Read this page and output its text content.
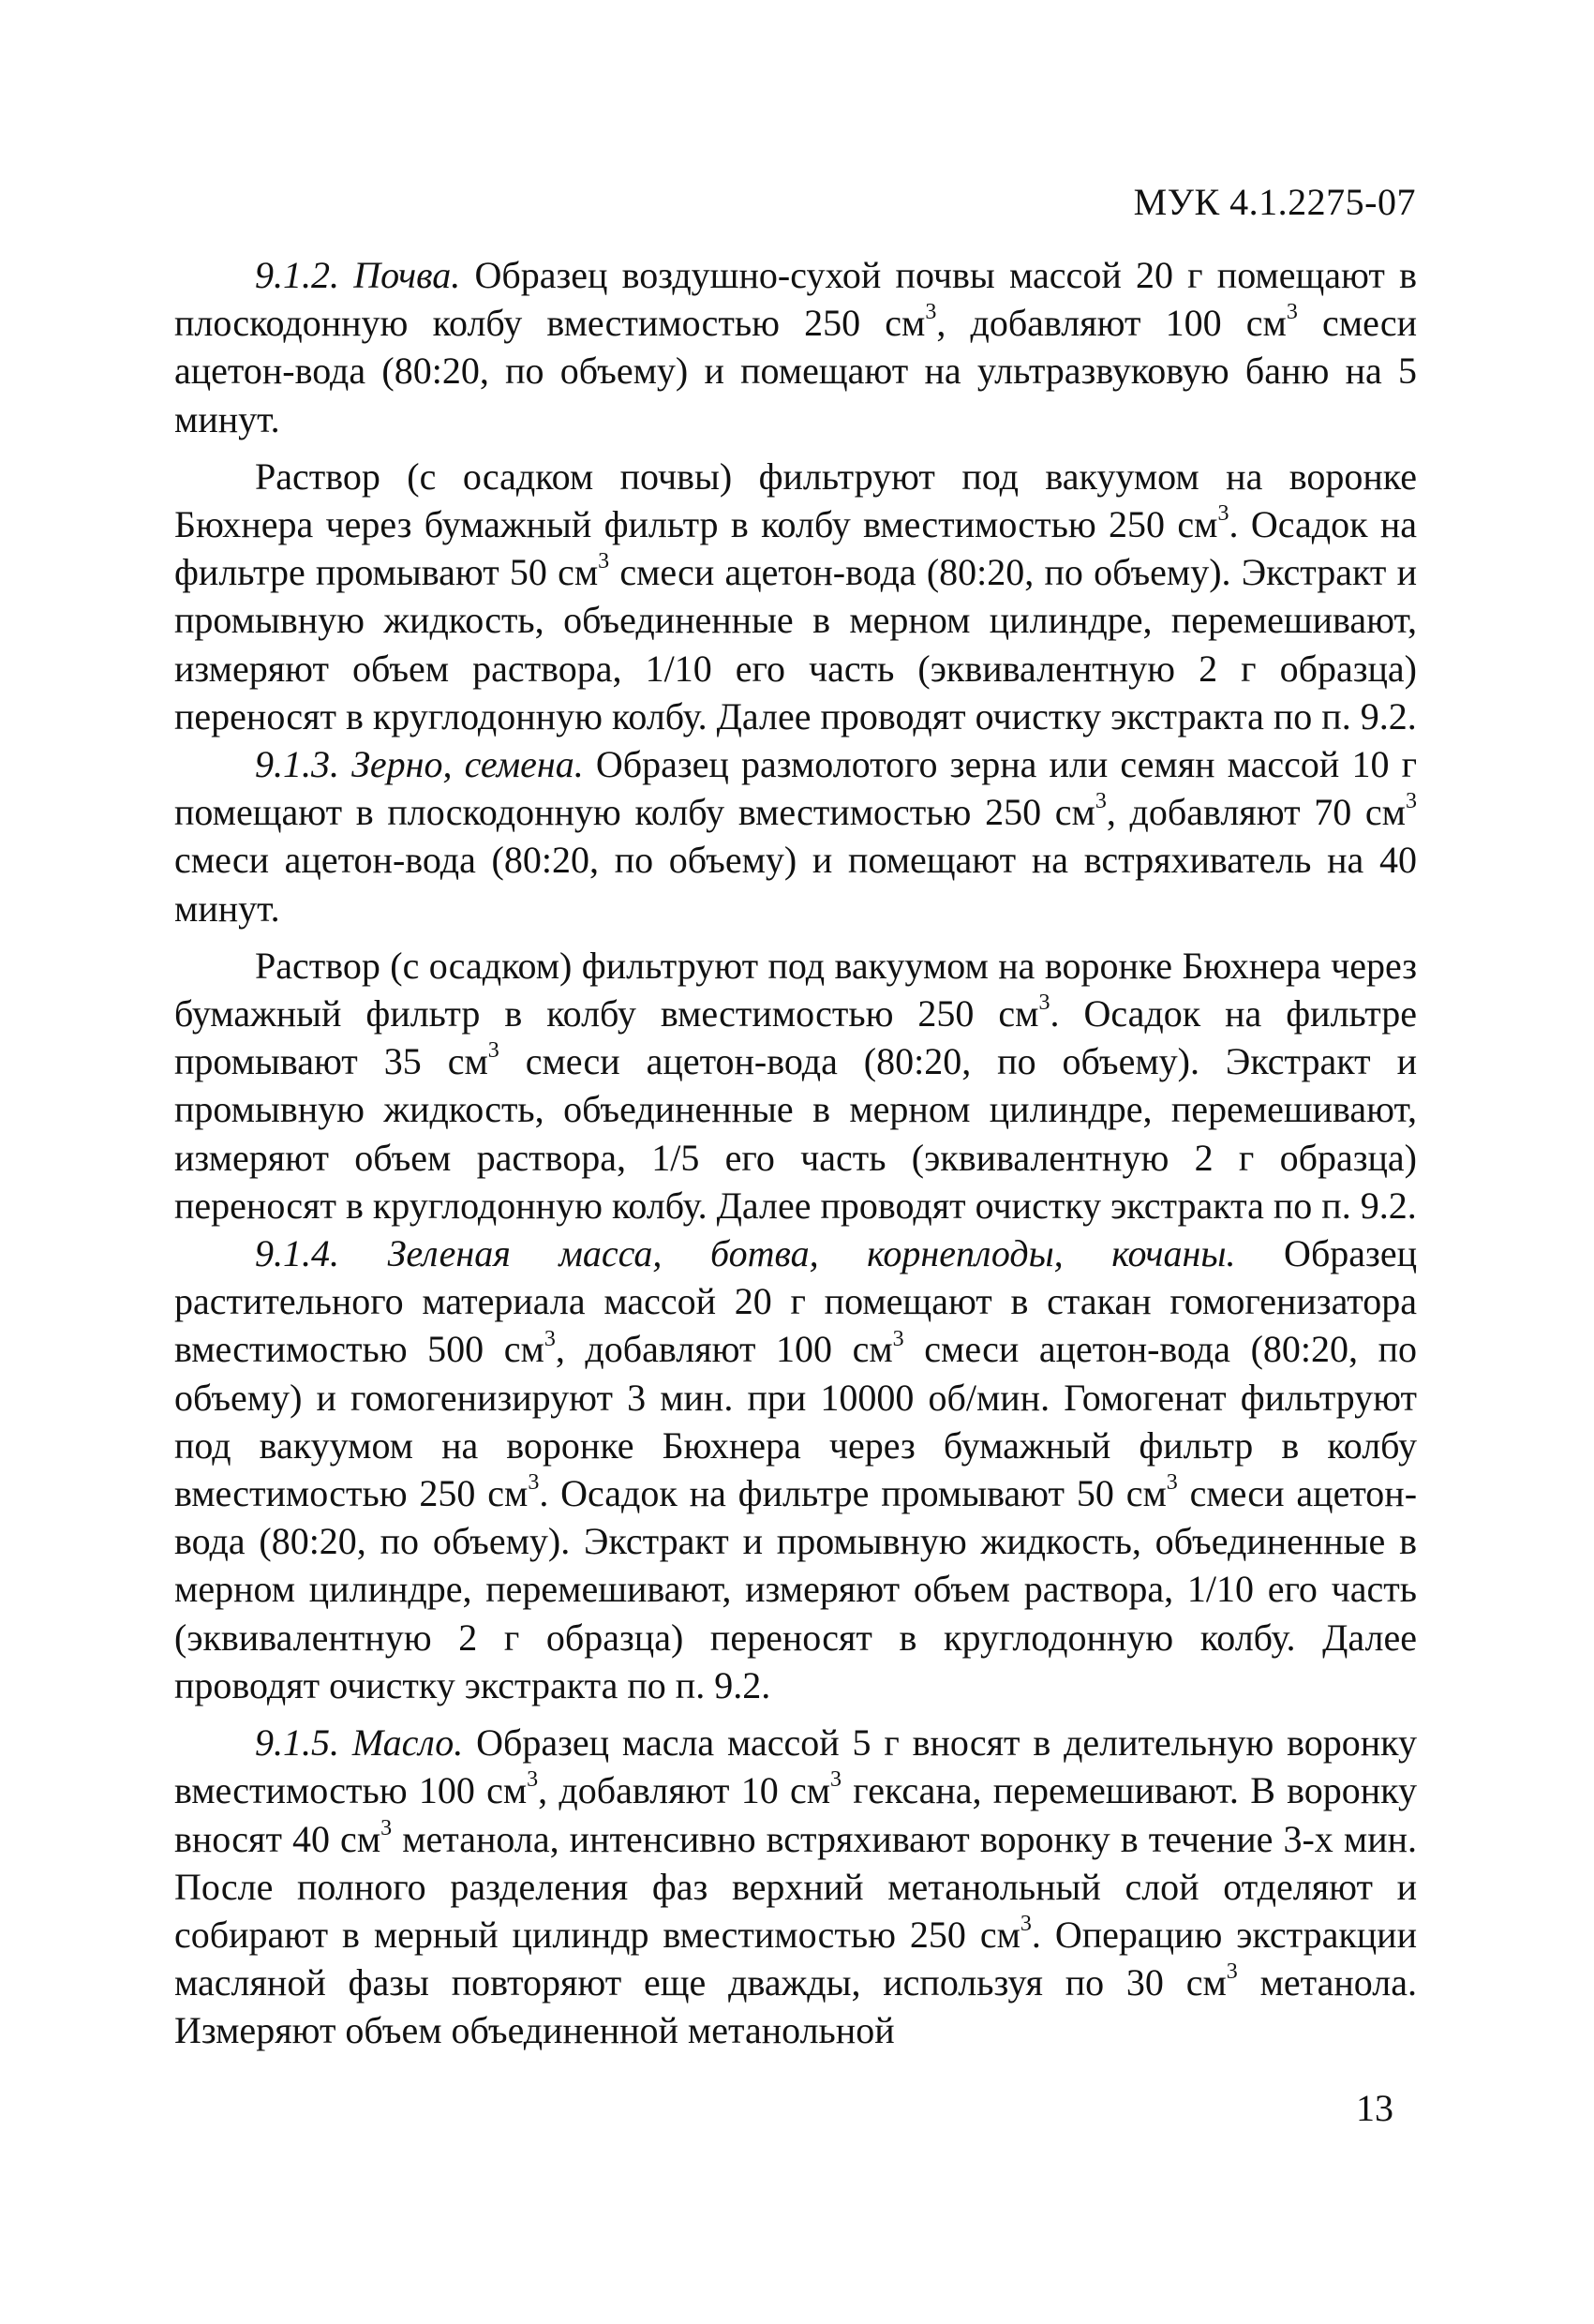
МУК 4.1.2275-07

9.1.2. Почва. Образец воздушно-сухой почвы массой 20 г помещают в плоскодонную колбу вместимостью 250 $см^3$, добавляют 100 $см^3$ смеси ацетон-вода (80:20, по объему) и помещают на ультразвуковую баню на 5 минут.

Раствор (с осадком почвы) фильтруют под вакуумом на воронке Бюхнера через бумажный фильтр в колбу вместимостью 250 $см^3$. Осадок на фильтре промывают 50 $см^3$ смеси ацетон-вода (80:20, по объему). Экстракт и промывную жидкость, объединенные в мерном цилиндре, перемешивают, измеряют объем раствора, 1/10 его часть (эквивалентную 2 г образца) переносят в круглодонную колбу. Далее проводят очистку экстракта по п. 9.2.

9.1.3. Зерно, семена. Образец размолотого зерна или семян массой 10 г помещают в плоскодонную колбу вместимостью 250 $см^3$, добавляют 70 $см^3$ смеси ацетон-вода (80:20, по объему) и помещают на встряхиватель на 40 минут.

Раствор (с осадком) фильтруют под вакуумом на воронке Бюхнера через бумажный фильтр в колбу вместимостью 250 $см^3$. Осадок на фильтре промывают 35 $см^3$ смеси ацетон-вода (80:20, по объему). Экстракт и промывную жидкость, объединенные в мерном цилиндре, перемешивают, измеряют объем раствора, 1/5 его часть (эквивалентную 2 г образца) переносят в круглодонную колбу. Далее проводят очистку экстракта по п. 9.2.

9.1.4. Зеленая масса, ботва, корнеплоды, кочаны. Образец растительного материала массой 20 г помещают в стакан гомогенизатора вместимостью 500 $см^3$, добавляют 100 $см^3$ смеси ацетон-вода (80:20, по объему) и гомогенизируют 3 мин. при 10000 об/мин. Гомогенат фильтруют под вакуумом на воронке Бюхнера через бумажный фильтр в колбу вместимостью 250 $см^3$. Осадок на фильтре промывают 50 $см^3$ смеси ацетон-вода (80:20, по объему). Экстракт и промывную жидкость, объединенные в мерном цилиндре, перемешивают, измеряют объем раствора, 1/10 его часть (эквивалентную 2 г образца) переносят в круглодонную колбу. Далее проводят очистку экстракта по п. 9.2.

9.1.5. Масло. Образец масла массой 5 г вносят в делительную воронку вместимостью 100 $см^3$, добавляют 10 $см^3$ гексана, перемешивают. В воронку вносят 40 $см^3$ метанола, интенсивно встряхивают воронку в течение 3-х мин. После полного разделения фаз верхний метанольный слой отделяют и собирают в мерный цилиндр вместимостью 250 $см^3$. Операцию экстракции масляной фазы повторяют еще дважды, используя по 30 $см^3$ метанола. Измеряют объем объединенной метанольной

13
